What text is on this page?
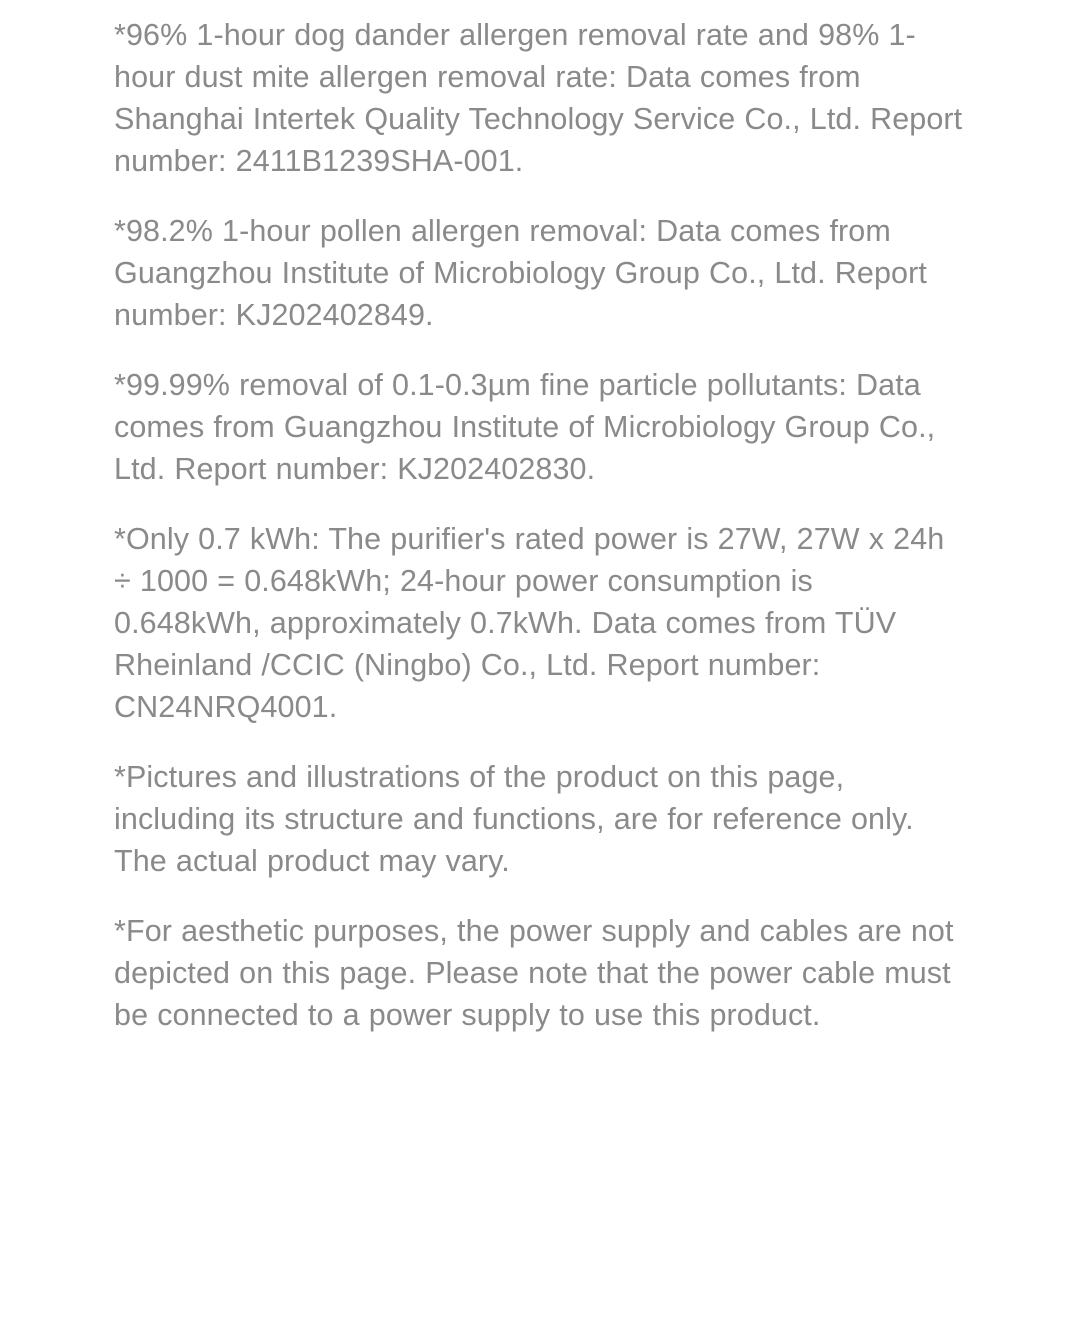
*96% 1-hour dog dander allergen removal rate and 98% 1-hour dust mite allergen removal rate: Data comes from Shanghai Intertek Quality Technology Service Co., Ltd. Report number: 2411B1239SHA-001.

*98.2% 1-hour pollen allergen removal: Data comes from Guangzhou Institute of Microbiology Group Co., Ltd. Report number: KJ202402849.

*99.99% removal of 0.1-0.3µm fine particle pollutants: Data comes from Guangzhou Institute of Microbiology Group Co., Ltd. Report number: KJ202402830.

*Only 0.7 kWh: The purifier's rated power is 27W, 27W x 24h ÷ 1000 = 0.648kWh; 24-hour power consumption is 0.648kWh, approximately 0.7kWh. Data comes from TÜV Rheinland /CCIC (Ningbo) Co., Ltd. Report number: CN24NRQ4001.

*Pictures and illustrations of the product on this page, including its structure and functions, are for reference only. The actual product may vary.

*For aesthetic purposes, the power supply and cables are not depicted on this page. Please note that the power cable must be connected to a power supply to use this product.
